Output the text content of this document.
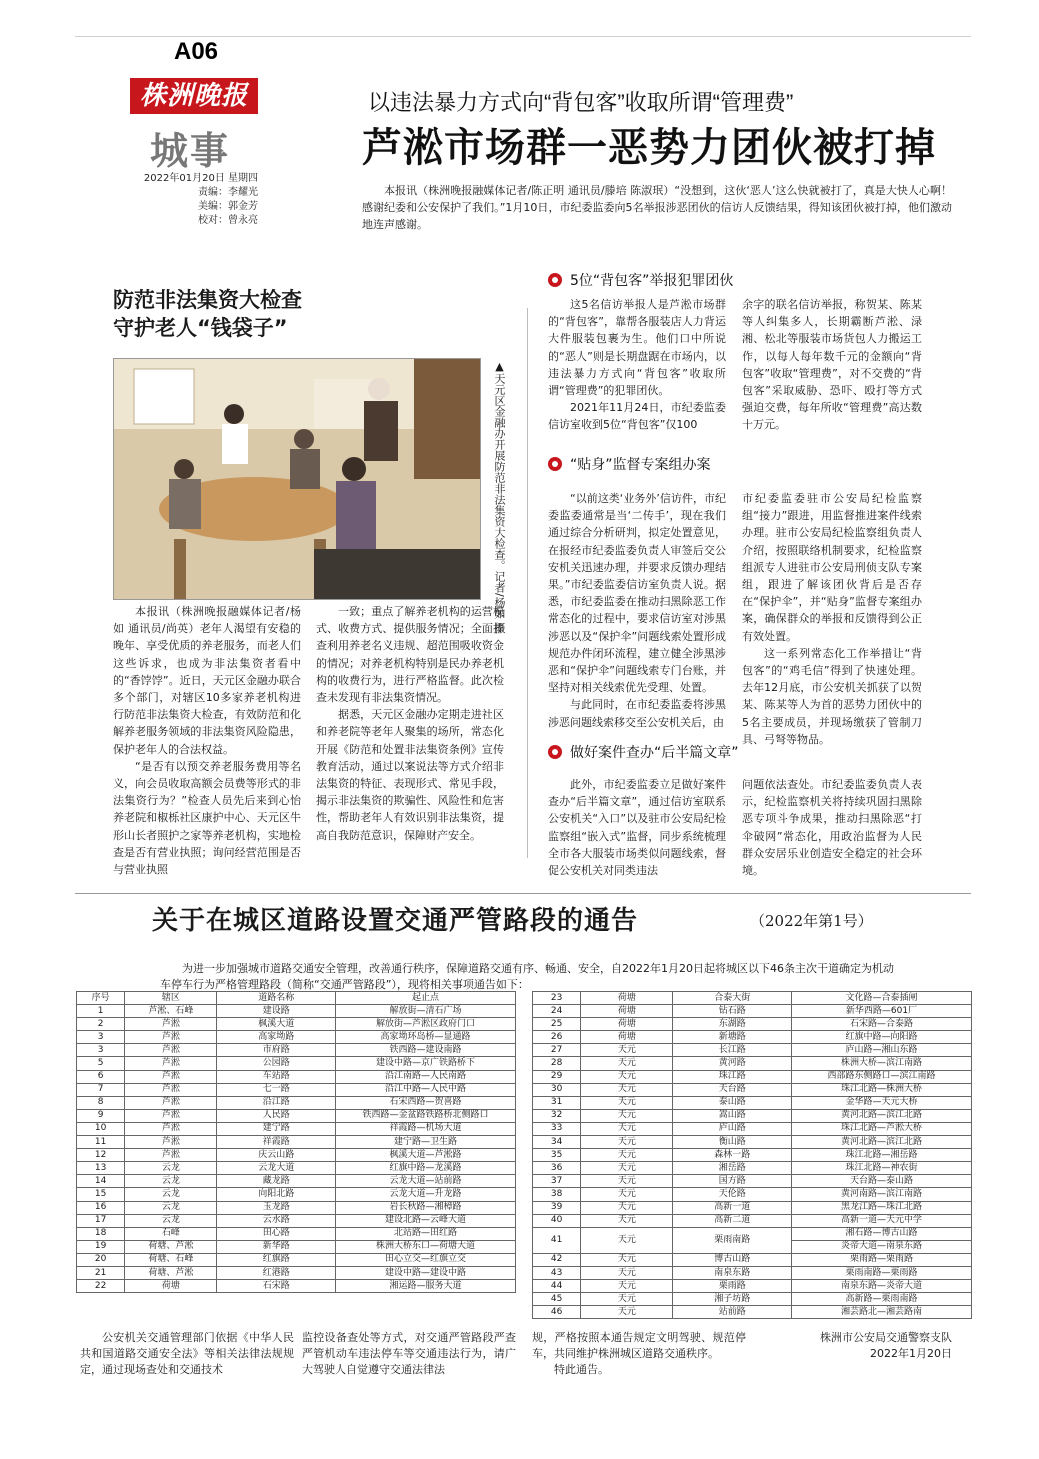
A06
株洲晚报
城事
2022年01月20日 星期四
责编：李耀光
美编：郭金芳
校对：曾永亮
以违法暴力方式向“背包客”收取所谓“管理费”
芦淞市场群一恶势力团伙被打掉

本报讯（株洲晚报融媒体记者/陈正明 通讯员/滕培 陈淑珉）“没想到，这伙‘恶人’这么快就被打了，真是大快人心啊！感谢纪委和公安保护了我们。”1月10日，市纪委监委向5名举报涉恶团伙的信访人反馈结果，得知该团伙被打掉，他们激动地连声感谢。

防范非法集资大检查
守护老人“钱袋子”
▲天元区金融办开展防范非法集资大检查。记者/杨如 摄

本报讯（株洲晚报融媒体记者/杨如 通讯员/尚英）老年人渴望有安稳的晚年、享受优质的养老服务，而老人们这些诉求，也成为非法集资者看中的“香饽饽”。近日，天元区金融办联合多个部门，对辖区10多家养老机构进行防范非法集资大检查，有效防范和化解养老服务领域的非法集资风险隐患，保护老年人的合法权益。

“是否有以预交养老服务费用等名义，向会员收取高额会员费等形式的非法集资行为？”检查人员先后来到心怡养老院和椒栎社区康护中心、天元区牛形山长者照护之家等养老机构，实地检查是否有营业执照；询问经营范围是否与营业执照

一致；重点了解养老机构的运营模式、收费方式、提供服务情况；全面排查利用养老名义违规、超范围吸收资金的情况；对养老机构特别是民办养老机构的收费行为，进行严格监督。此次检查未发现有非法集资情况。

据悉，天元区金融办定期走进社区和养老院等老年人聚集的场所，常态化开展《防范和处置非法集资条例》宣传教育活动，通过以案说法等方式介绍非法集资的特征、表现形式、常见手段，揭示非法集资的欺骗性、风险性和危害性，帮助老年人有效识别非法集资，提高自我防范意识，保障财产安全。

5位“背包客”举报犯罪团伙

这5名信访举报人是芦淞市场群的“背包客”，靠帮各服装店人力背运大件服装包裹为生。他们口中所说的“恶人”则是长期盘踞在市场内，以违法暴力方式向“背包客”收取所谓“管理费”的犯罪团伙。

2021年11月24日，市纪委监委信访室收到5位“背包客”仅100

余字的联名信访举报，称贺某、陈某等人纠集多人，长期霸断芦淞、渌湘、松北等服装市场货包人力搬运工作，以每人每年数千元的金额向“背包客”收取“管理费”，对不交费的“背包客”采取威胁、恐吓、殴打等方式强迫交费，每年所收“管理费”高达数十万元。

“贴身”监督专案组办案

“以前这类‘业务外’信访件，市纪委监委通常是当‘二传手’，现在我们通过综合分析研判，拟定处置意见，在报经市纪委监委负责人审签后交公安机关迅速办理，并要求反馈办理结果。”市纪委监委信访室负责人说。据悉，市纪委监委在推动扫黑除恶工作常态化的过程中，要求信访室对涉黑涉恶以及“保护伞”问题线索处置形成规范办件闭环流程，建立健全涉黑涉恶和“保护伞”问题线索专门台账，并坚持对相关线索优先受理、处置。

与此同时，在市纪委监委将涉黑涉恶问题线索移交至公安机关后，由

市纪委监委驻市公安局纪检监察组“接力”跟进，用监督推进案件线索办理。驻市公安局纪检监察组负责人介绍，按照联络机制要求，纪检监察组派专人进驻市公安局刑侦支队专案组，跟进了解该团伙背后是否存在“保护伞”，并“贴身”监督专案组办案，确保群众的举报和反馈得到公正有效处置。

这一系列常态化工作举措让“背包客”的“鸡毛信”得到了快速处理。去年12月底，市公安机关抓获了以贺某、陈某等人为首的恶势力团伙中的5名主要成员，并现场缴获了管制刀具、弓弩等物品。

做好案件查办“后半篇文章”

此外，市纪委监委立足做好案件查办“后半篇文章”，通过信访室联系公安机关“入口”以及驻市公安局纪检监察组“嵌入式”监督，同步系统梳理全市各大服装市场类似问题线索，督促公安机关对同类违法

问题依法查处。市纪委监委负责人表示，纪检监察机关将持续巩固扫黑除恶专项斗争成果，推动扫黑除恶“打伞破网”常态化，用政治监督为人民群众安居乐业创造安全稳定的社会环境。

关于在城区道路设置交通严管路段的通告	（2022年第1号）

为进一步加强城市道路交通安全管理，改善通行秩序，保障道路交通有序、畅通、安全，自2022年1月20日起将城区以下46条主次干道确定为机动车停车行为严格管理路段（简称“交通严管路段”），现将相关事项通告如下：

序号	辖区	道路名称	起止点
1	芦淞、石峰	建设路	解放街—清石广场
2	芦淞	枫溪大道	解放街—芦淞区政府门口
3	芦淞	高家坳路	高家坳环岛桥—显通路
3	芦淞	市府路	铁西路—建设南路
5	芦淞	公园路	建设中路—京广铁路桥下
6	芦淞	车站路	沿江南路—人民南路
7	芦淞	七一路	沿江中路—人民中路
8	芦淞	沿江路	石宋西路—贺喜路
9	芦淞	人民路	铁西路—金盆路铁路桥北侧路口
10	芦淞	建宁路	祥霞路—机场大道
11	芦淞	祥霞路	建宁路—卫生路
12	芦淞	庆云山路	枫溪大道—芦淞路
13	云龙	云龙大道	红旗中路—龙溪路
14	云龙	藏龙路	云龙大道—站前路
15	云龙	向阳北路	云龙大道—升龙路
16	云龙	玉龙路	岩长秋路—湘樟路
17	云龙	云水路	建设北路—云峰大道
18	石峰	田心路	北站路—田红路
19	荷塘、芦淞	新华路	株洲大桥东口—荷塘大道
20	荷塘、石峰	红旗路	田心立交—红旗立交
21	荷塘、芦淞	红港路	建设中路—建设中路
22	荷塘	石宋路	湘运路—服务大道
23	荷塘	合泰大街	文化路—合泰插闸
24	荷塘	钻石路	新华西路—601厂
25	荷塘	东湖路	石宋路—合泰路
26	荷塘	新塘路	红旗中路—向阳路
27	天元	长江路	庐山路—湘山东路
28	天元	黄河路	株洲大桥—滨江南路
29	天元	珠江路	西部路东侧路口—滨江南路
30	天元	天台路	珠江北路—株洲大桥
31	天元	泰山路	金华路—天元大桥
32	天元	嵩山路	黄河北路—滨江北路
33	天元	庐山路	珠江北路—芦淞大桥
34	天元	衡山路	黄河北路—滨江北路
35	天元	森林一路	珠江北路—湘岳路
36	天元	湘岳路	珠江北路—神农街
37	天元	国方路	天台路—泰山路
38	天元	天伦路	黄河南路—滨江南路
39	天元	高新一道	黑龙江路—珠江北路
40	天元	高新二道	高新一道—天元中学
41	天元	栗雨南路	湘石路—博古山路
			炎帝大道—南泉东路
42	天元	博古山路	栗雨路—栗雨路
43	天元	南泉东路	栗雨南路—栗雨路
44	天元	栗雨路	南泉东路—炎帝大道
45	天元	湘子坊路	高新路—栗雨南路
46	天元	站前路	湘芸路北—湘芸路南

公安机关交通管理部门依据《中华人民共和国道路交通安全法》等相关法律法规规定，通过现场查处和交通技术

监控设备查处等方式，对交通严管路段严查严管机动车违法停车等交通违法行为，请广大驾驶人自觉遵守交通法律法

规，严格按照本通告规定文明驾驶、规范停车，共同维护株洲城区道路交通秩序。

特此通告。

株洲市公安局交通警察支队
2022年1月20日
